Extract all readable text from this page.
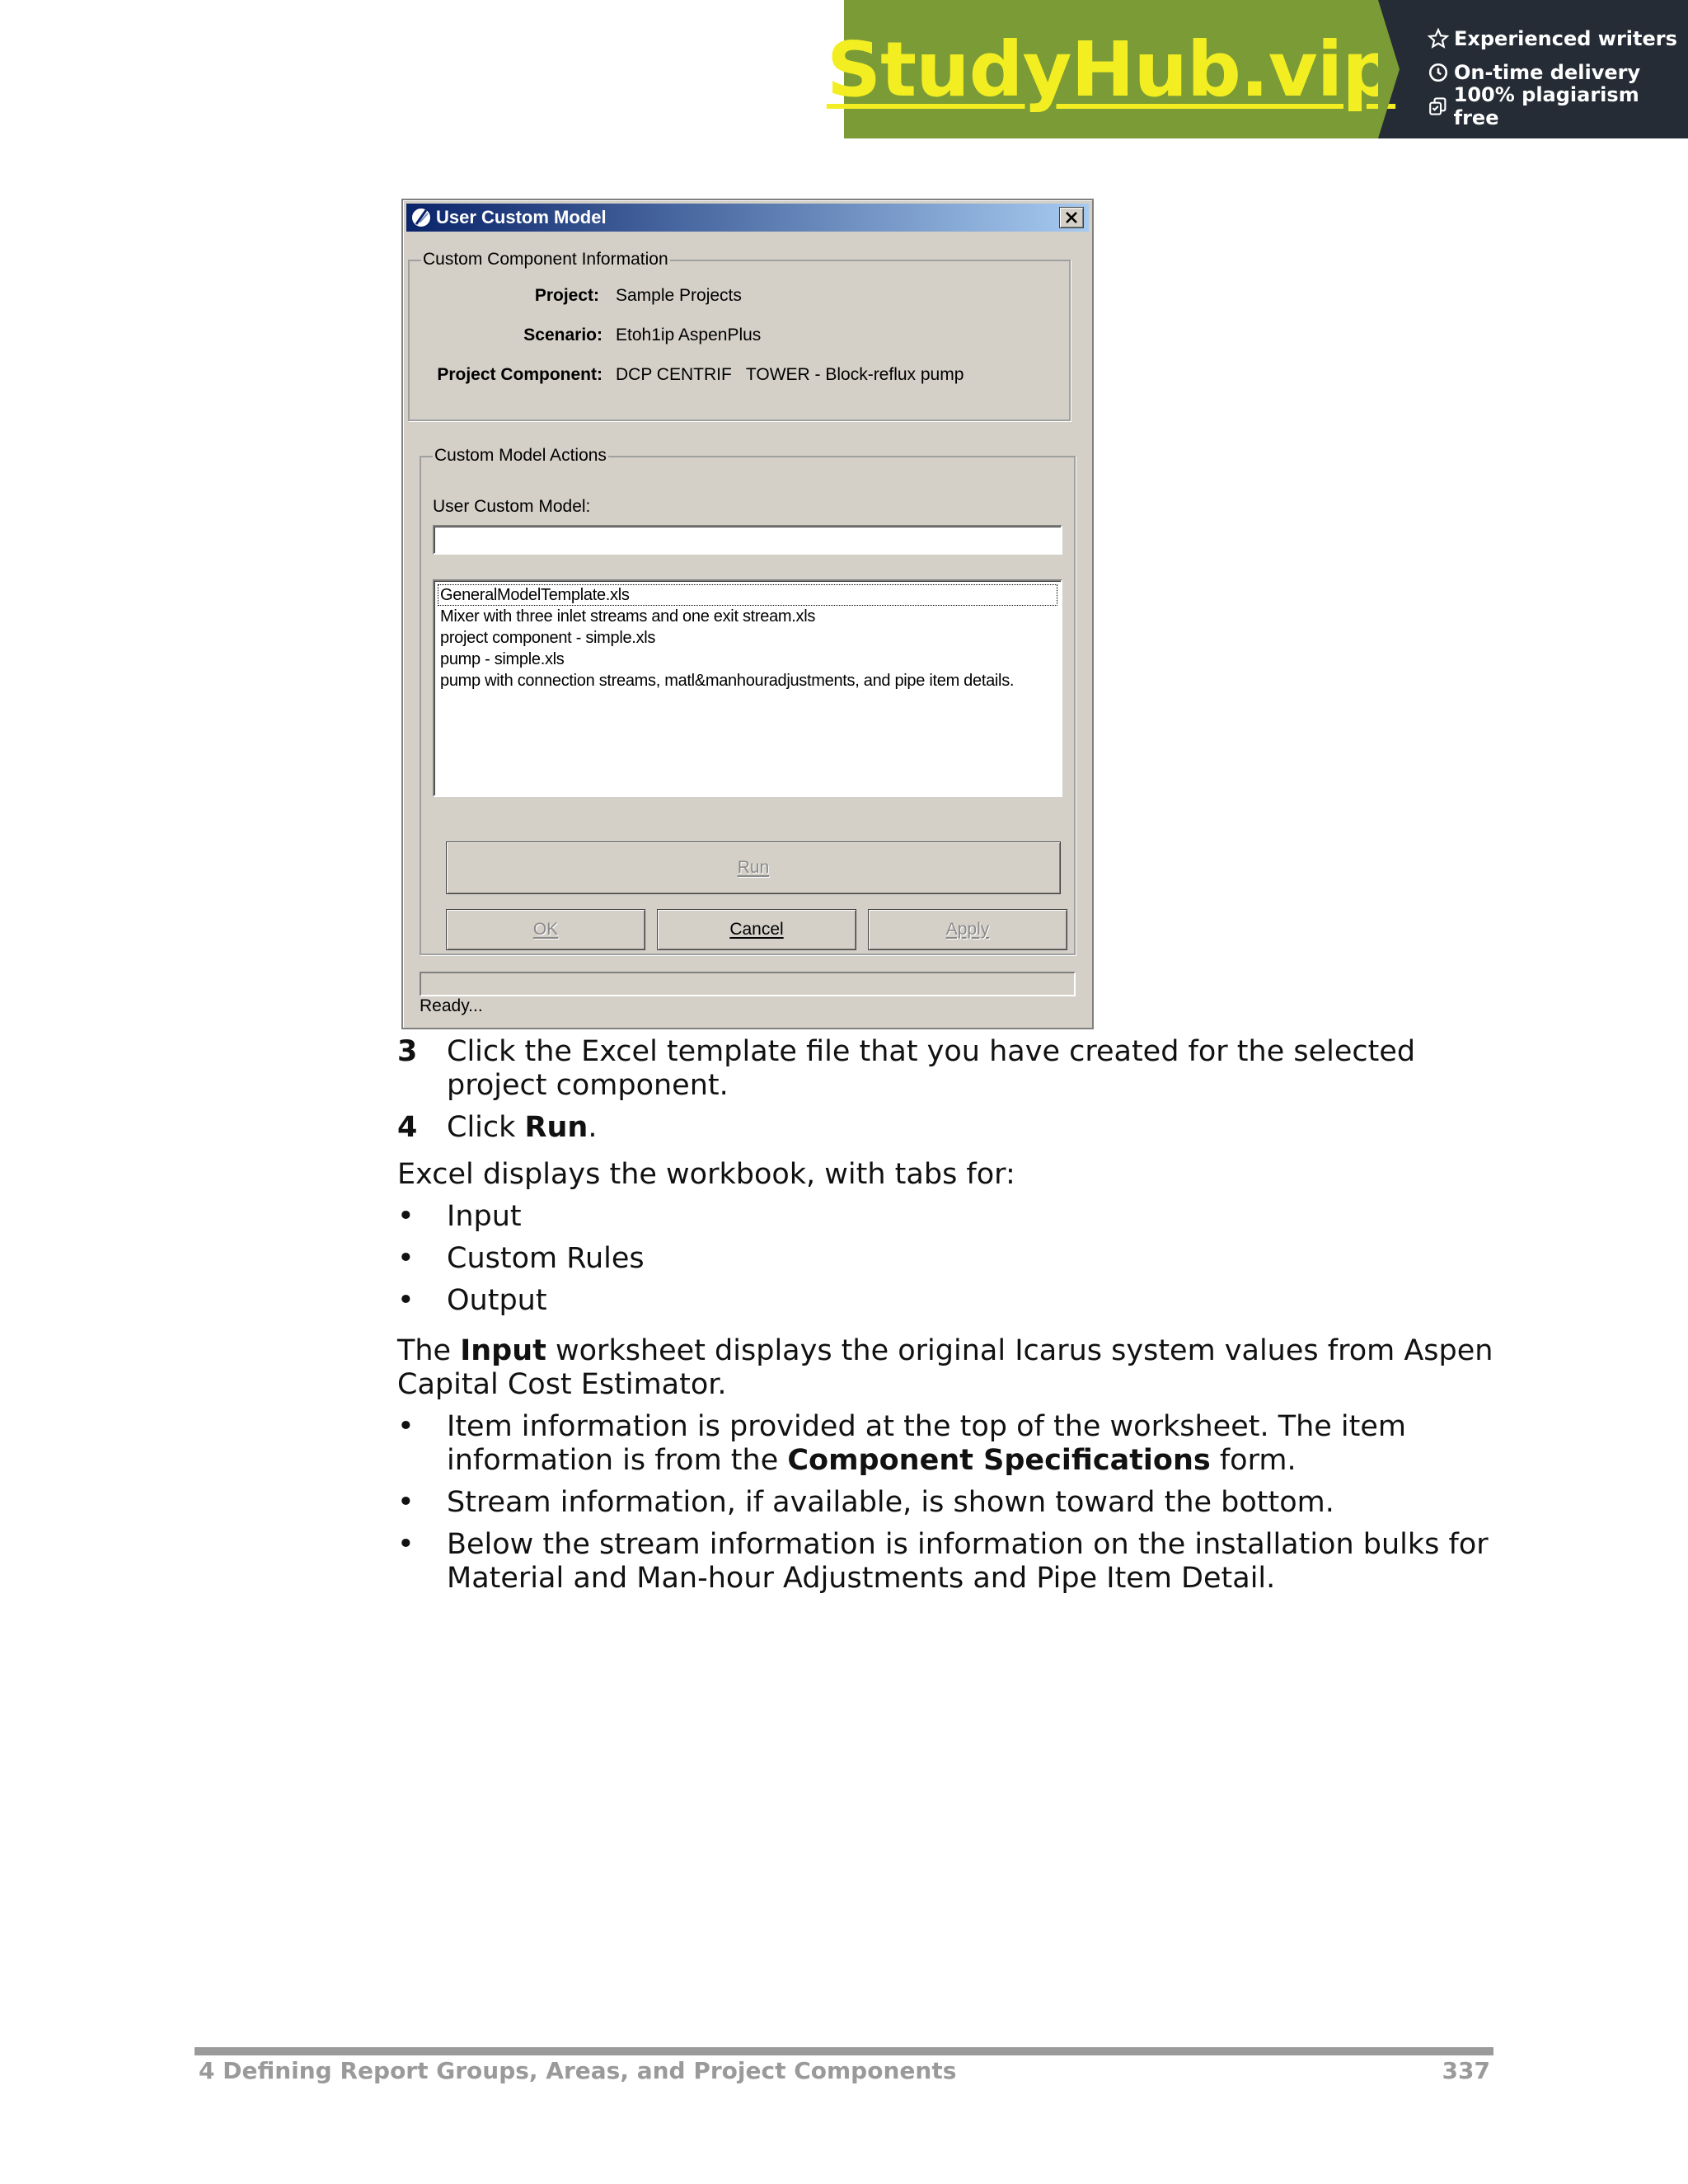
StudyHub.vip	Experienced writers
On-time delivery
100% plagiarism free
User Custom Model
Custom Component Information
Project: Sample Projects
Scenario: Etoh1ip AspenPlus
Project Component: DCP CENTRIF   TOWER - Block-reflux pump
Custom Model Actions
User Custom Model:
GeneralModelTemplate.xls
Mixer with three inlet streams and one exit stream.xls
project component - simple.xls
pump - simple.xls
pump with connection streams, matl&manhouradjustments, and pipe item details.
Run
OK	Cancel	Apply
Ready...
3 Click the Excel template file that you have created for the selected project component.
4 Click Run.
Excel displays the workbook, with tabs for:
• Input
• Custom Rules
• Output
The Input worksheet displays the original Icarus system values from Aspen Capital Cost Estimator.
• Item information is provided at the top of the worksheet. The item information is from the Component Specifications form.
• Stream information, if available, is shown toward the bottom.
• Below the stream information is information on the installation bulks for Material and Man-hour Adjustments and Pipe Item Detail.
4 Defining Report Groups, Areas, and Project Components	337
